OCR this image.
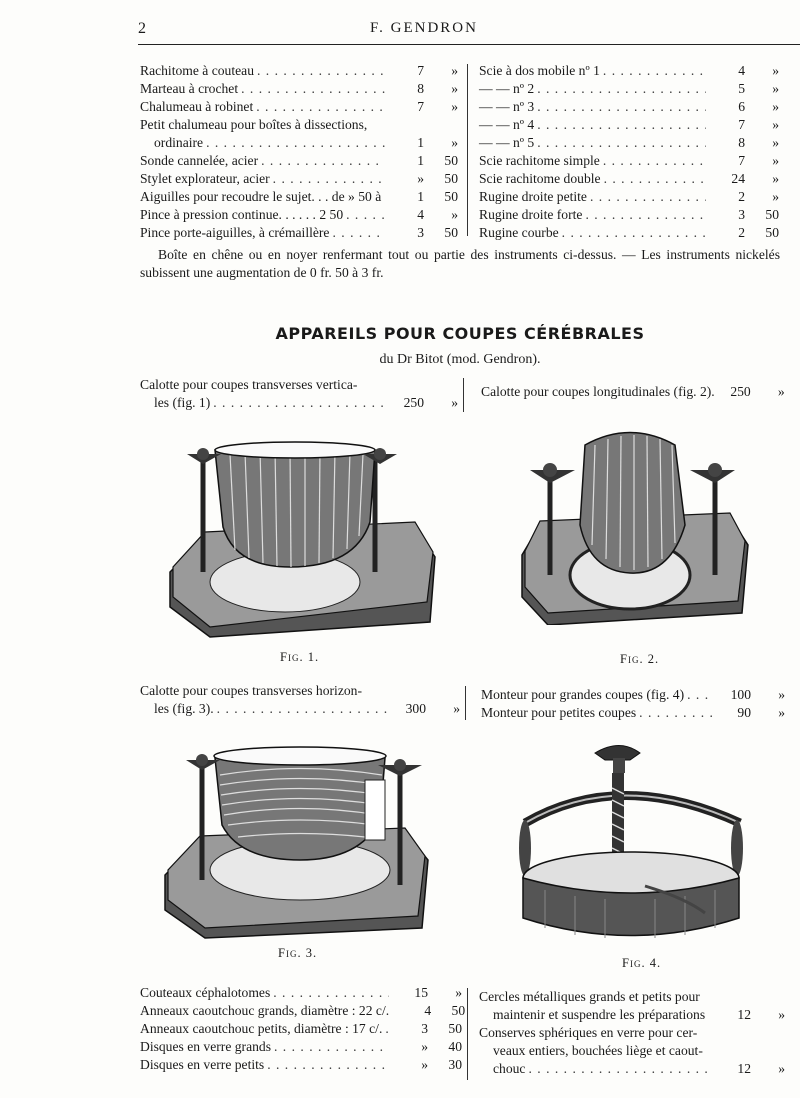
2	F. GENDRON
Rachitome à couteau . . .	7	»
Marteau à crochet . . .	8	»
Chalumeau à robinet . . .	7	»
Petit chalumeau pour boîtes à dissections,
ordinaire . . .	1	»
Sonde cannelée, acier . . .	1	50
Stylet explorateur, acier . . .	»	50
Aiguilles pour recoudre le sujet. . . de » 50 à . . .	1	50
Pince à pression continue. . . . . . 2 50 . . .	4	»
Pince porte-aiguilles, à crémaillère . . .	3	50
Scie à dos mobile nº 1 . . .	4	»
— — nº 2 . . .	5	»
— — nº 3 . . .	6	»
— — nº 4 . . .	7	»
— — nº 5 . . .	8	»
Scie rachitome simple . . .	7	»
Scie rachitome double . . .	24	»
Rugine droite petite . . .	2	»
Rugine droite forte . . .	3	50
Rugine courbe . . .	2	50
Boîte en chêne ou en noyer renfermant tout ou partie des instruments ci-dessus. — Les instruments nickelés subissent une augmentation de 0 fr. 50 à 3 fr.
APPAREILS POUR COUPES CÉRÉBRALES
du Dr Bitot (mod. Gendron).
Calotte pour coupes transverses vertica-
les (fig. 1) . . .	250	»
Calotte pour coupes longitudinales (fig. 2).	250	»
Fig. 1.	Fig. 2.
Calotte pour coupes transverses horizon-
les (fig. 3). . . .	300	»
Monteur pour grandes coupes (fig. 4) . . .	100	»
Monteur pour petites coupes . . .	90	»
Fig. 3.
Fig. 4.
Couteaux céphalotomes . . .	15	»
Anneaux caoutchouc grands, diamètre : 22 c/.	4	50
Anneaux caoutchouc petits, diamètre : 17 c/. . . .	3	50
Disques en verre grands . . .	»	40
Disques en verre petits . . .	»	30
Cercles métalliques grands et petits pour
maintenir et suspendre les préparations	12	»
Conserves sphériques en verre pour cer-
veaux entiers, bouchées liège et caout-
chouc . . .	12	»
